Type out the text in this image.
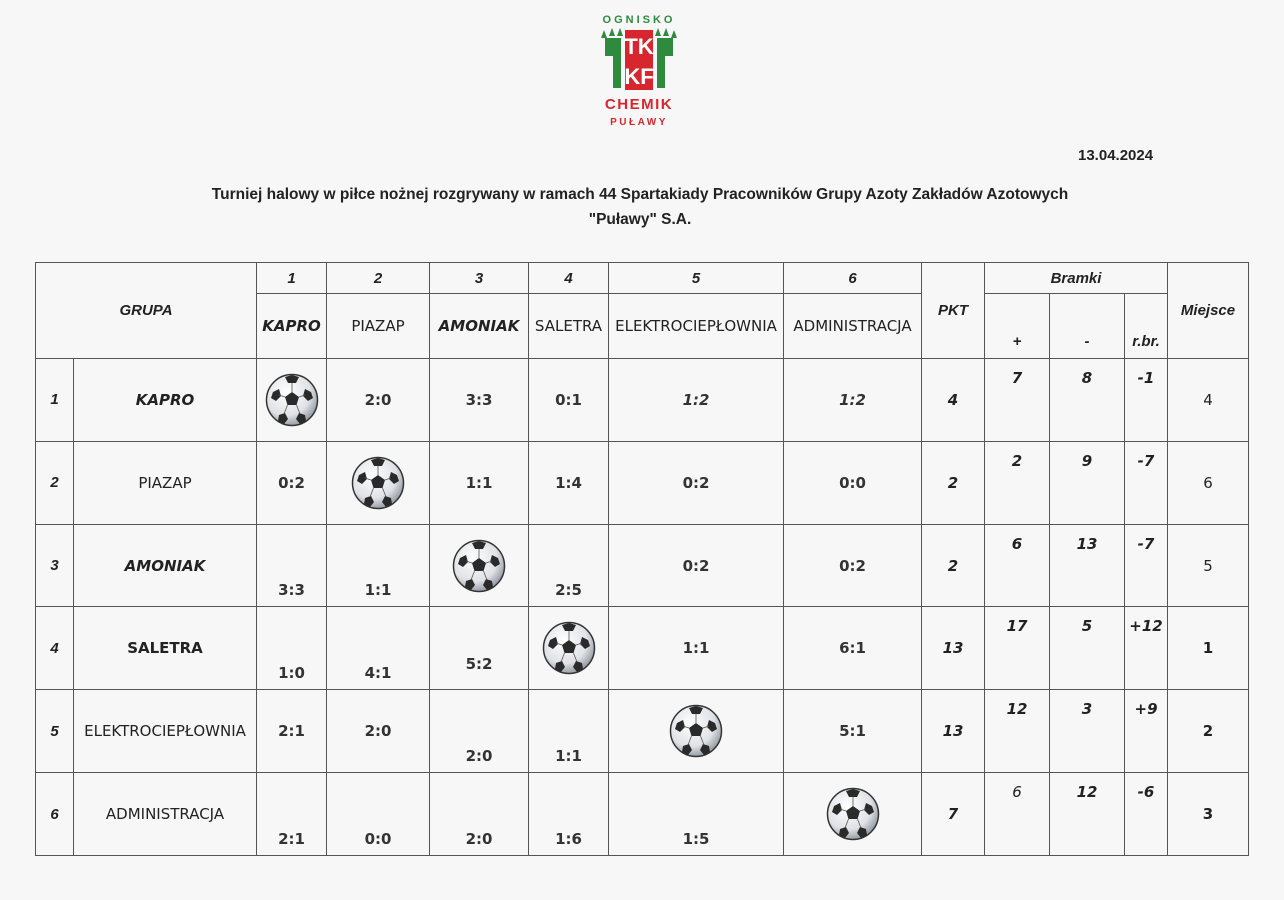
OGNISKO
TK
KF
CHEMIK
PUŁAWY
13.04.2024
Turniej halowy w piłce nożnej rozgrywany w ramach 44 Spartakiady Pracowników Grupy Azoty Zakładów Azotowych
"Puławy" S.A.
GRUPA		1	2	3	4	5	6	PKT	Bramki			Miejsce
		KAPRO	PIAZAP	AMONIAK	SALETRA	ELEKTROCIEPŁOWNIA	ADMINISTRACJA					
									+	-	r.br.	
1	KAPRO		2:0	3:3	0:1	1:2	1:2	4	7	8	-1	4
2	PIAZAP	0:2		1:1	1:4	0:2	0:0	2	2	9	-7	6
3	AMONIAK	3:3	1:1		2:5	0:2	0:2	2	6	13	-7	5
4	SALETRA	1:0	4:1	5:2		1:1	6:1	13	17	5	+12	1
5	ELEKTROCIEPŁOWNIA	2:1	2:0	2:0	1:1		5:1	13	12	3	+9	2
6	ADMINISTRACJA	2:1	0:0	2:0	1:6	1:5		7	6	12	-6	3
